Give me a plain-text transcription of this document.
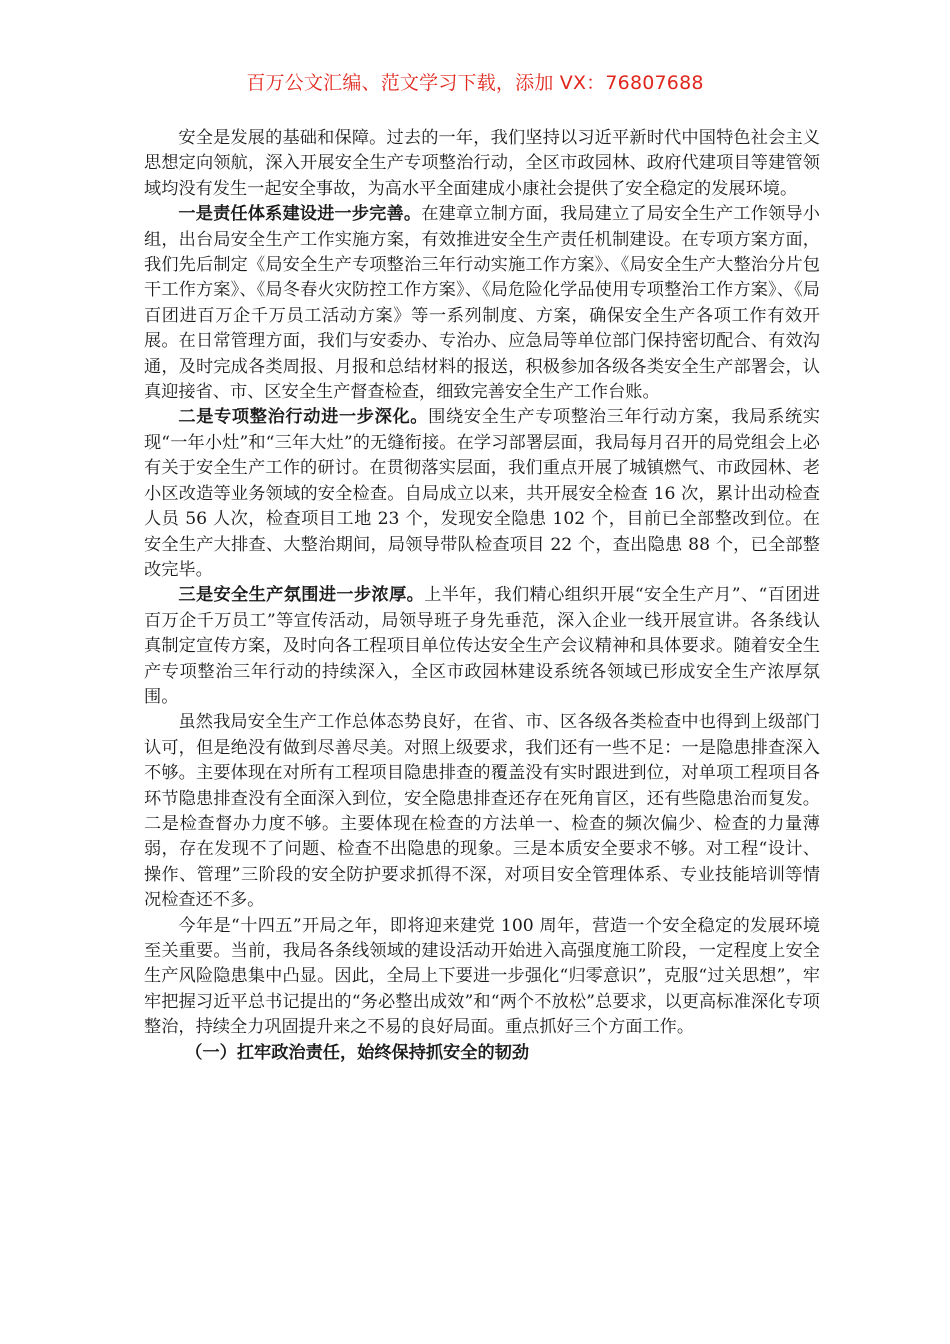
百万公文汇编、范文学习下载，添加 VX：76807688

安全是发展的基础和保障。过去的一年，我们坚持以习近平新时代中国特色社会主义思想定向领航，深入开展安全生产专项整治行动，全区市政园林、政府代建项目等建管领域均没有发生一起安全事故，为高水平全面建成小康社会提供了安全稳定的发展环境。

一是责任体系建设进一步完善。在建章立制方面，我局建立了局安全生产工作领导小组，出台局安全生产工作实施方案，有效推进安全生产责任机制建设。在专项方案方面，我们先后制定《局安全生产专项整治三年行动实施工作方案》、《局安全生产大整治分片包干工作方案》、《局冬春火灾防控工作方案》、《局危险化学品使用专项整治工作方案》、《局百团进百万企千万员工活动方案》等一系列制度、方案，确保安全生产各项工作有效开展。在日常管理方面，我们与安委办、专治办、应急局等单位部门保持密切配合、有效沟通，及时完成各类周报、月报和总结材料的报送，积极参加各级各类安全生产部署会，认真迎接省、市、区安全生产督查检查，细致完善安全生产工作台账。

二是专项整治行动进一步深化。围绕安全生产专项整治三年行动方案，我局系统实现“一年小灶”和“三年大灶”的无缝衔接。在学习部署层面，我局每月召开的局党组会上必有关于安全生产工作的研讨。在贯彻落实层面，我们重点开展了城镇燃气、市政园林、老小区改造等业务领域的安全检查。自局成立以来，共开展安全检查 16 次，累计出动检查人员 56 人次，检查项目工地 23 个，发现安全隐患 102 个，目前已全部整改到位。在安全生产大排查、大整治期间，局领导带队检查项目 22 个，查出隐患 88 个，已全部整改完毕。

三是安全生产氛围进一步浓厚。上半年，我们精心组织开展“安全生产月”、“百团进百万企千万员工”等宣传活动，局领导班子身先垂范，深入企业一线开展宣讲。各条线认真制定宣传方案，及时向各工程项目单位传达安全生产会议精神和具体要求。随着安全生产专项整治三年行动的持续深入，全区市政园林建设系统各领域已形成安全生产浓厚氛围。

虽然我局安全生产工作总体态势良好，在省、市、区各级各类检查中也得到上级部门认可，但是绝没有做到尽善尽美。对照上级要求，我们还有一些不足：一是隐患排查深入不够。主要体现在对所有工程项目隐患排查的覆盖没有实时跟进到位，对单项工程项目各环节隐患排查没有全面深入到位，安全隐患排查还存在死角盲区，还有些隐患治而复发。二是检查督办力度不够。主要体现在检查的方法单一、检查的频次偏少、检查的力量薄弱，存在发现不了问题、检查不出隐患的现象。三是本质安全要求不够。对工程“设计、操作、管理”三阶段的安全防护要求抓得不深，对项目安全管理体系、专业技能培训等情况检查还不多。

今年是“十四五”开局之年，即将迎来建党 100 周年，营造一个安全稳定的发展环境至关重要。当前，我局各条线领域的建设活动开始进入高强度施工阶段，一定程度上安全生产风险隐患集中凸显。因此，全局上下要进一步强化“归零意识”，克服“过关思想”，牢牢把握习近平总书记提出的“务必整出成效”和“两个不放松”总要求，以更高标准深化专项整治，持续全力巩固提升来之不易的良好局面。重点抓好三个方面工作。

（一）扛牢政治责任，始终保持抓安全的韧劲
